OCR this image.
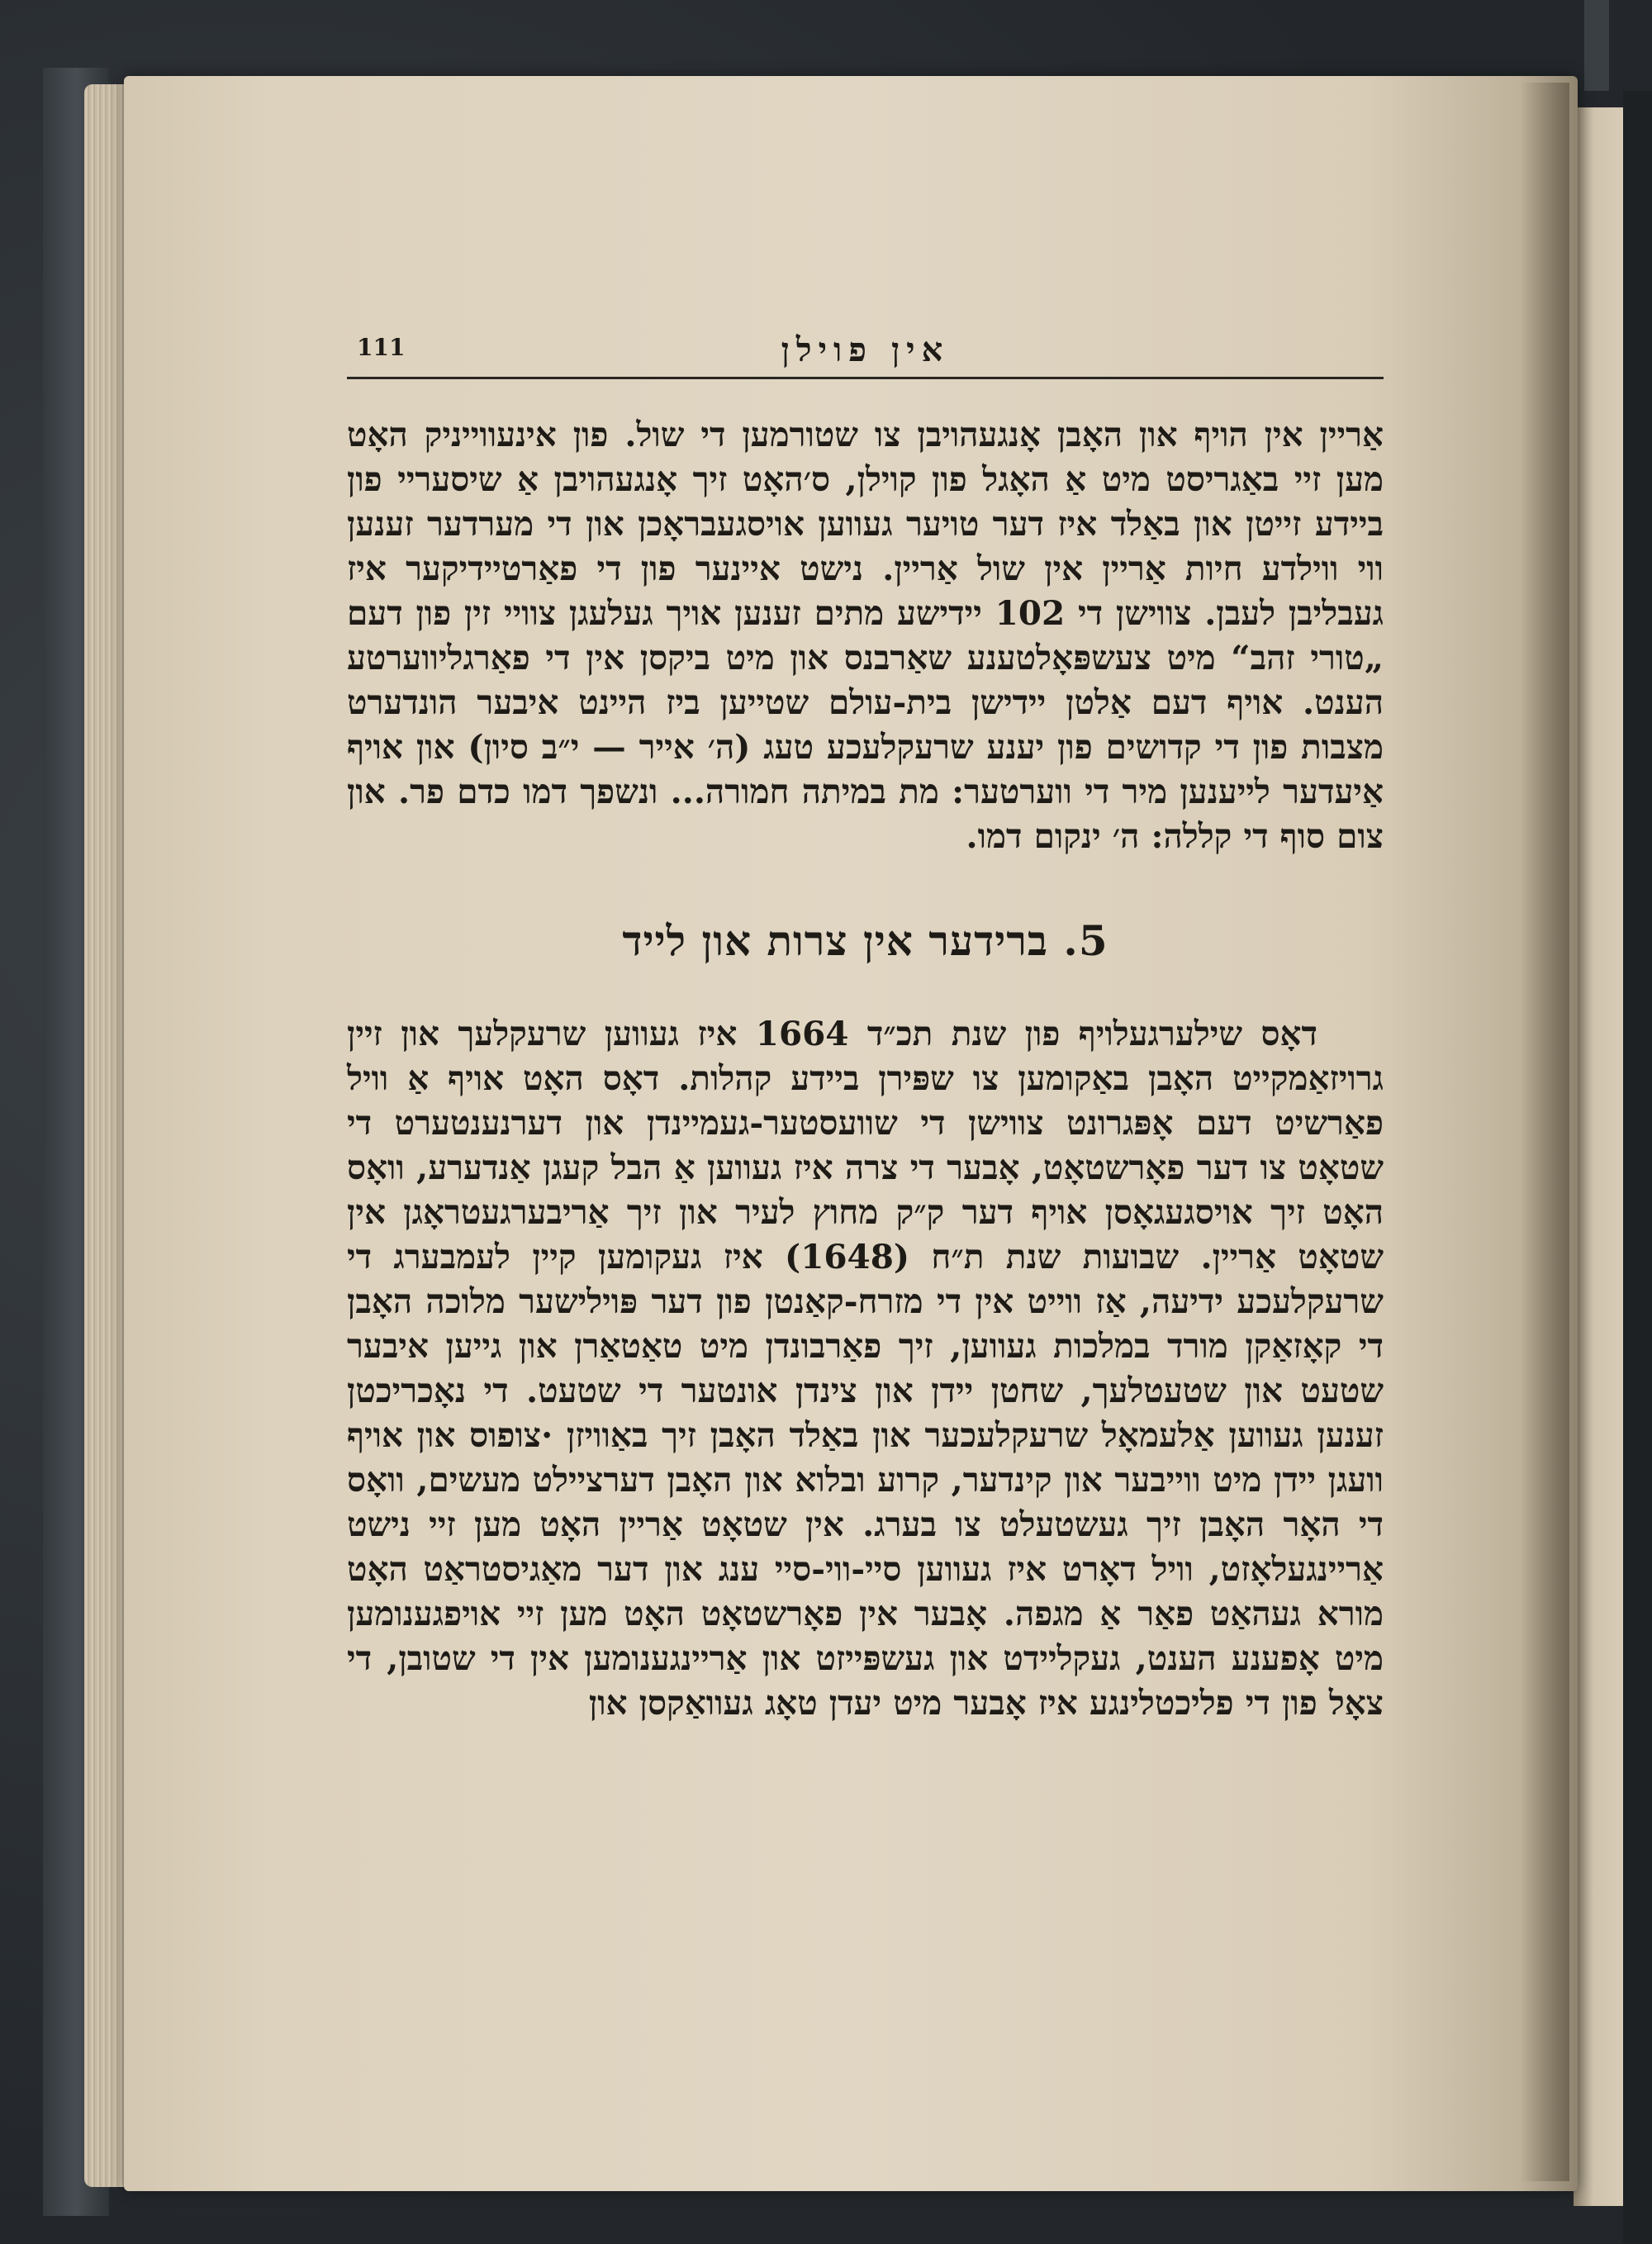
111	אין פוילן

אַריין אין הויף און האָבן אָנגעהויבן צו שטורמען די שול. פון אינעווייניק האָט מען זיי באַגריסט מיט אַ האָגל פון קוילן, ס׳האָט זיך אָנגעהויבן אַ שיסעריי פון ביידע זייטן און באַלד איז דער טויער געווען אויסגעבראָכן און די מערדער זענען ווי ווילדע חיות אַריין אין שול אַריין. נישט איינער פון די פאַרטיידיקער איז געבליבן לעבן. צווישן די 102 יידישע מתים זענען אויך געלעגן צוויי זין פון דעם „טורי זהב“ מיט צעשפּאָלטענע שאַרבנס און מיט ביקסן אין די פאַרגליווערטע הענט. אויף דעם אַלטן יידישן בית-עולם שטייען ביז היינט איבער הונדערט מצבות פון די קדושים פון יענע שרעקלעכע טעג (ה׳ אייר — י״ב סיון) און אויף אַיעדער לייענען מיר די ווערטער: מת במיתה חמורה... ונשפך דמו כדם פר. און צום סוף די קללה: ה׳ ינקום דמו.

5. ברידער אין צרות און לייד

דאָס שילערגעלויף פון שנת תכ״ד 1664 איז געווען שרעקלעך און זיין גרויזאַמקייט האָבן באַקומען צו שפּירן ביידע קהלות. דאָס האָט אויף אַ וויל פאַרשיט דעם אָפּגרונט צווישן די שוועסטער-געמיינדן און דערנענטערט די שטאָט צו דער פאָרשטאָט, אָבער די צרה איז געווען אַ הבל קעגן אַנדערע, וואָס האָט זיך אויסגעגאָסן אויף דער ק״ק מחוץ לעיר און זיך אַריבערגעטראָגן אין שטאָט אַריין. שבועות שנת ת״ח (1648) איז געקומען קיין לעמבערג די שרעקלעכע ידיעה, אַז ווייט אין די מזרח-קאַנטן פון דער פּוילישער מלוכה האָבן די קאָזאַקן מורד במלכות געווען, זיך פאַרבונדן מיט טאַטאַרן און גייען איבער שטעט און שטעטלעך, שחטן יידן און צינדן אונטער די שטעט. די נאָכריכטן זענען געווען אַלעמאָל שרעקלעכער און באַלד האָבן זיך באַוויזן ·צופוס און אויף וועגן יידן מיט ווייבער און קינדער, קרוע ובלוא און האָבן דערציילט מעשים, וואָס די האָר האָבן זיך געשטעלט צו בערג. אין שטאָט אַריין האָט מען זיי נישט אַריינגעלאָזט, וויל דאָרט איז געווען סיי-ווי-סיי ענג און דער מאַגיסטראַט האָט מורא געהאַט פאַר אַ מגפה. אָבער אין פאָרשטאָט האָט מען זיי אויפגענומען מיט אָפענע הענט, געקליידט און געשפּייזט און אַריינגענומען אין די שטובן, די צאָל פון די פליכטלינגע איז אָבער מיט יעדן טאָג געוואַקסן און
